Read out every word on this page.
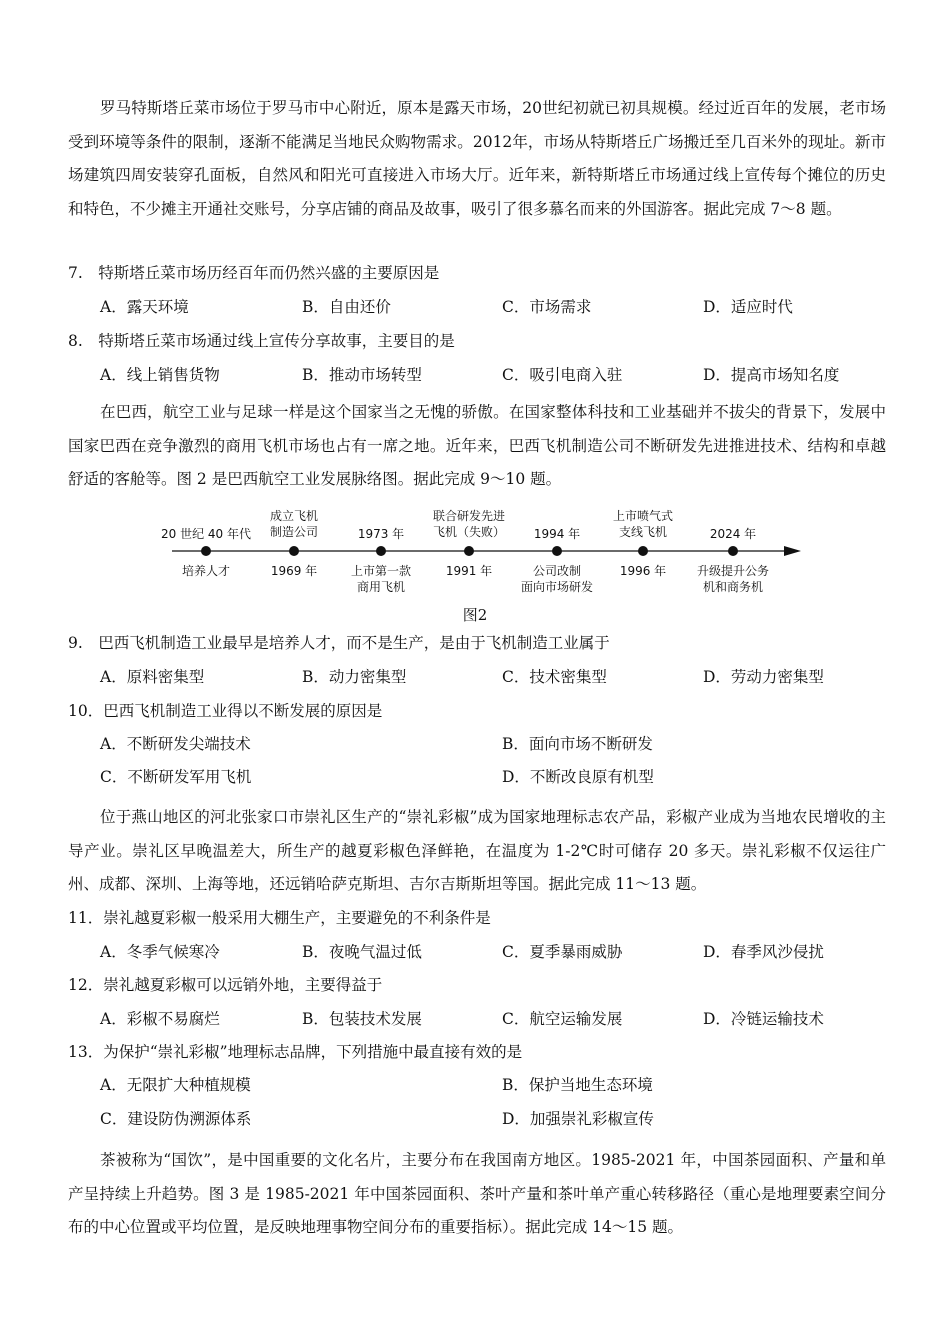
罗马特斯塔丘菜市场位于罗马市中心附近，原本是露天市场，20世纪初就已初具规模。经过近百年的发展，老市场受到环境等条件的限制，逐渐不能满足当地民众购物需求。2012年，市场从特斯塔丘广场搬迁至几百米外的现址。新市场建筑四周安装穿孔面板，自然风和阳光可直接进入市场大厅。近年来，新特斯塔丘市场通过线上宣传每个摊位的历史和特色，不少摊主开通社交账号，分享店铺的商品及故事，吸引了很多慕名而来的外国游客。据此完成 7～8 题。

7.　特斯塔丘菜市场历经百年而仍然兴盛的主要原因是

A．露天环境	B．自由还价	C．市场需求	D．适应时代

8.　特斯塔丘菜市场通过线上宣传分享故事，主要目的是

A．线上销售货物	B．推动市场转型	C．吸引电商入驻	D．提高市场知名度

在巴西，航空工业与足球一样是这个国家当之无愧的骄傲。在国家整体科技和工业基础并不拔尖的背景下，发展中国家巴西在竞争激烈的商用飞机市场也占有一席之地。近年来，巴西飞机制造公司不断研发先进推进技术、结构和卓越舒适的客舱等。图 2 是巴西航空工业发展脉络图。据此完成 9～10 题。

20 世纪 40 年代
成立飞机
制造公司	1973 年
联合研发先进
飞机（失败）	1994 年
上市喷气式
支线飞机	2024 年
培养人才	1969 年	上市第一款
商用飞机
1991 年	公司改制
面向市场研发
1996 年	升级提升公务
机和商务机
图2

9.　巴西飞机制造工业最早是培养人才，而不是生产，是由于飞机制造工业属于

A．原料密集型	B．动力密集型	C．技术密集型	D．劳动力密集型

10．巴西飞机制造工业得以不断发展的原因是

A．不断研发尖端技术	B．面向市场不断研发
C．不断研发军用飞机	D．不断改良原有机型

位于燕山地区的河北张家口市崇礼区生产的“崇礼彩椒”成为国家地理标志农产品，彩椒产业成为当地农民增收的主导产业。崇礼区早晚温差大，所生产的越夏彩椒色泽鲜艳，在温度为 1-2℃时可储存 20 多天。崇礼彩椒不仅运往广州、成都、深圳、上海等地，还远销哈萨克斯坦、吉尔吉斯斯坦等国。据此完成 11～13 题。

11．崇礼越夏彩椒一般采用大棚生产，主要避免的不利条件是

A．冬季气候寒冷	B．夜晚气温过低	C．夏季暴雨威胁	D．春季风沙侵扰

12．崇礼越夏彩椒可以远销外地，主要得益于

A．彩椒不易腐烂	B．包装技术发展	C．航空运输发展	D．冷链运输技术

13．为保护“崇礼彩椒”地理标志品牌，下列措施中最直接有效的是

A．无限扩大种植规模	B．保护当地生态环境
C．建设防伪溯源体系	D．加强崇礼彩椒宣传

茶被称为“国饮”，是中国重要的文化名片，主要分布在我国南方地区。1985-2021 年，中国茶园面积、产量和单产呈持续上升趋势。图 3 是 1985-2021 年中国茶园面积、茶叶产量和茶叶单产重心转移路径（重心是地理要素空间分布的中心位置或平均位置，是反映地理事物空间分布的重要指标）。据此完成 14～15 题。
